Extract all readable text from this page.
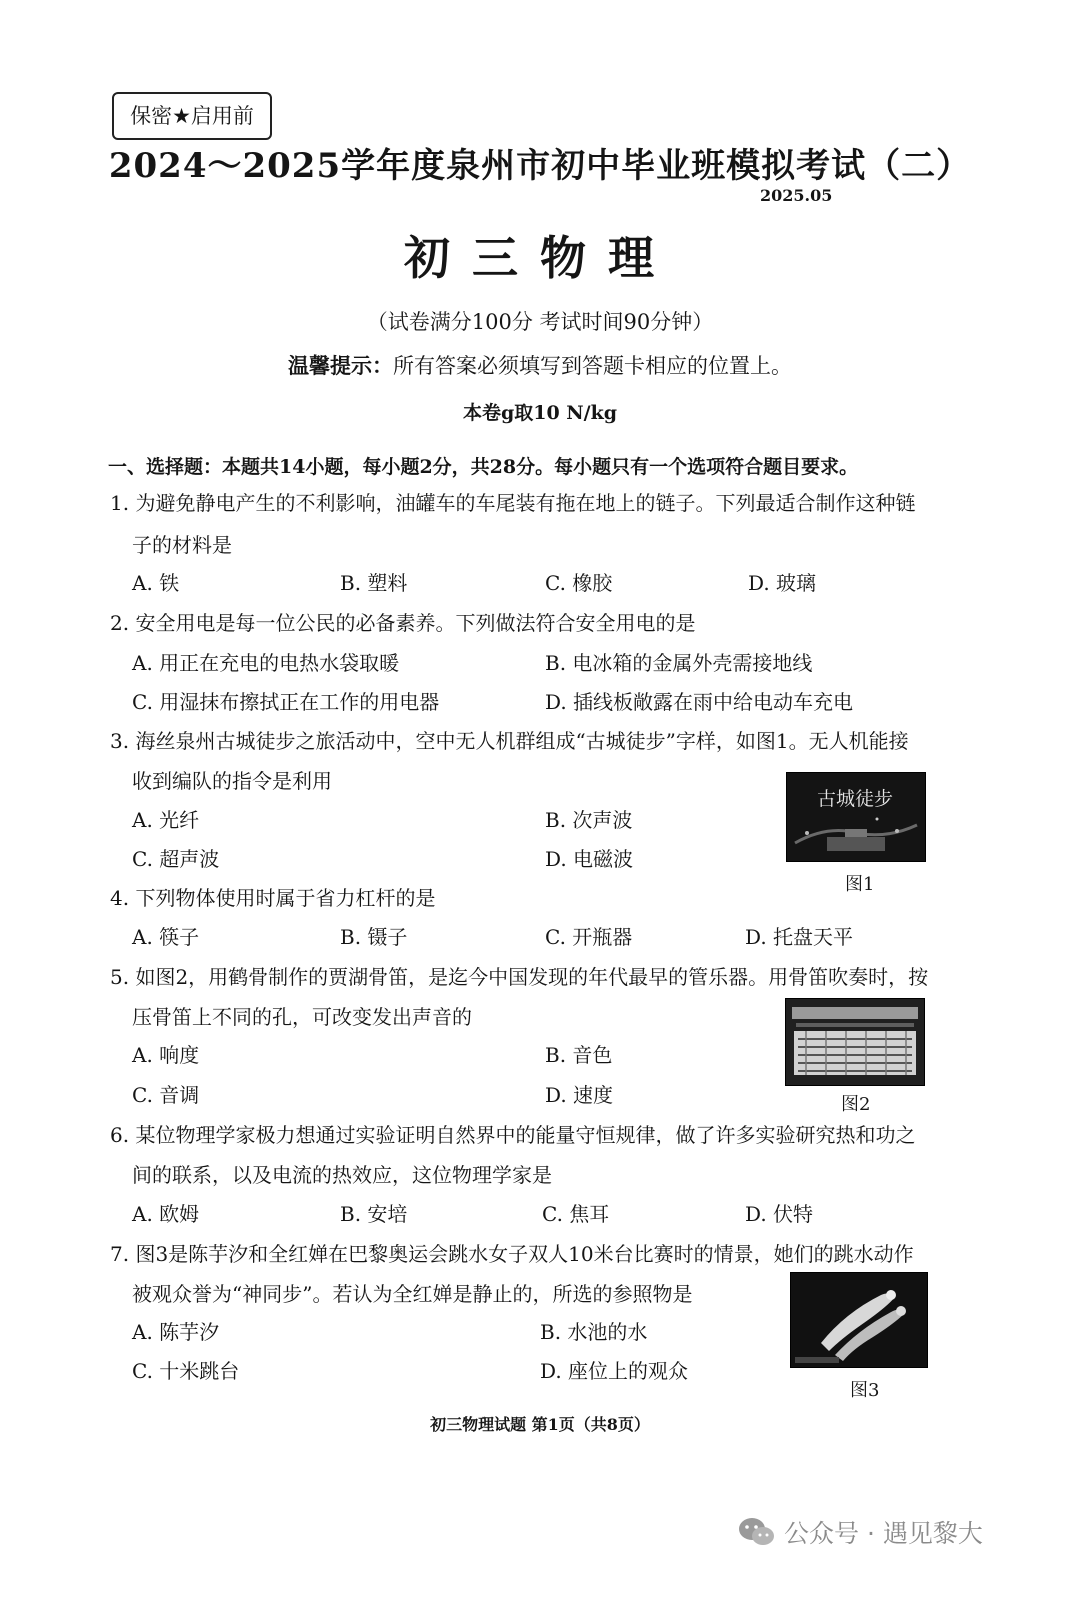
保密★启用前
2024～2025学年度泉州市初中毕业班模拟考试（二）
2025.05
初三物理
（试卷满分100分 考试时间90分钟）
温馨提示：所有答案必须填写到答题卡相应的位置上。
本卷g取10 N/kg
一、选择题：本题共14小题，每小题2分，共28分。每小题只有一个选项符合题目要求。
1. 为避免静电产生的不利影响，油罐车的车尾装有拖在地上的链子。下列最适合制作这种链
子的材料是
A. 铁	B. 塑料	C. 橡胶	D. 玻璃
2. 安全用电是每一位公民的必备素养。下列做法符合安全用电的是
A. 用正在充电的电热水袋取暖	B. 电冰箱的金属外壳需接地线
C. 用湿抹布擦拭正在工作的用电器	D. 插线板敞露在雨中给电动车充电
3. 海丝泉州古城徒步之旅活动中，空中无人机群组成“古城徒步”字样，如图1。无人机能接
收到编队的指令是利用
A. 光纤	B. 次声波
C. 超声波	D. 电磁波
古城徒步
图1
4. 下列物体使用时属于省力杠杆的是
A. 筷子	B. 镊子	C. 开瓶器	D. 托盘天平
5. 如图2，用鹤骨制作的贾湖骨笛，是迄今中国发现的年代最早的管乐器。用骨笛吹奏时，按
压骨笛上不同的孔，可改变发出声音的
A. 响度	B. 音色
C. 音调	D. 速度	图2
6. 某位物理学家极力想通过实验证明自然界中的能量守恒规律，做了许多实验研究热和功之
间的联系，以及电流的热效应，这位物理学家是
A. 欧姆	B. 安培	C. 焦耳	D. 伏特
7. 图3是陈芋汐和全红婵在巴黎奥运会跳水女子双人10米台比赛时的情景，她们的跳水动作
被观众誉为“神同步”。若认为全红婵是静止的，所选的参照物是
A. 陈芋汐	B. 水池的水
C. 十米跳台	D. 座位上的观众
图3
初三物理试题 第1页（共8页）
公众号 · 遇见黎大
